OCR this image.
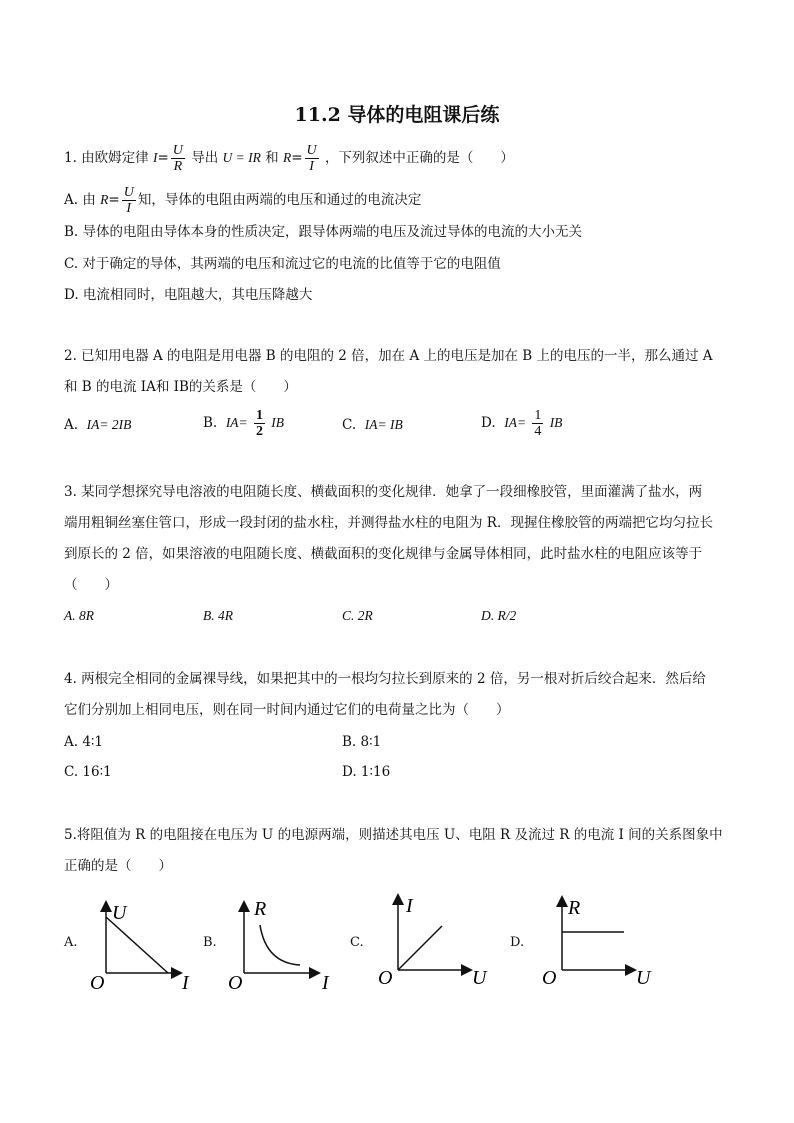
11.2 导体的电阻课后练
1. 由欧姆定律 $I= \frac{U}{R}$ 导出 U = IR 和 $R= \frac{U}{I}$ ，下列叙述中正确的是（　　）
A. 由 $R= \frac{U}{I}$ 知，导体的电阻由两端的电压和通过的电流决定
B. 导体的电阻由导体本身的性质决定，跟导体两端的电压及流过导体的电流的大小无关
C. 对于确定的导体，其两端的电压和流过它的电流的比值等于它的电阻值
D. 电流相同时，电阻越大，其电压降越大
2. 已知用电器 A 的电阻是用电器 B 的电阻的 2 倍，加在 A 上的电压是加在 B 上的电压的一半，那么通过 A
和 B 的电流 IA和 IB的关系是（　　）
A. IA= 2IB	B. $IA= \frac{1}{2}$ IB	C. IA= IB	D. $IA= \frac{1}{4}$ IB
3. 某同学想探究导电溶液的电阻随长度、横截面积的变化规律．她拿了一段细橡胶管，里面灌满了盐水，两
端用粗铜丝塞住管口，形成一段封闭的盐水柱，并测得盐水柱的电阻为 R．现握住橡胶管的两端把它均匀拉长
到原长的 2 倍，如果溶液的电阻随长度、横截面积的变化规律与金属导体相同，此时盐水柱的电阻应该等于
（　　）
A. 8R	B. 4R	C. 2R	D. R/2
4. 两根完全相同的金属裸导线，如果把其中的一根均匀拉长到原来的 2 倍，另一根对折后绞合起来．然后给
它们分别加上相同电压，则在同一时间内通过它们的电荷量之比为（　　）
A. 4∶1	B. 8∶1
C. 16∶1	D. 1∶16
5.将阻值为 R 的电阻接在电压为 U 的电源两端，则描述其电压 U、电阻 R 及流过 R 的电流 I 间的关系图象中
正确的是（　　）
A.
U
I
O
B.
R
I
O
C.
I
U
O
D.
R
U
O
